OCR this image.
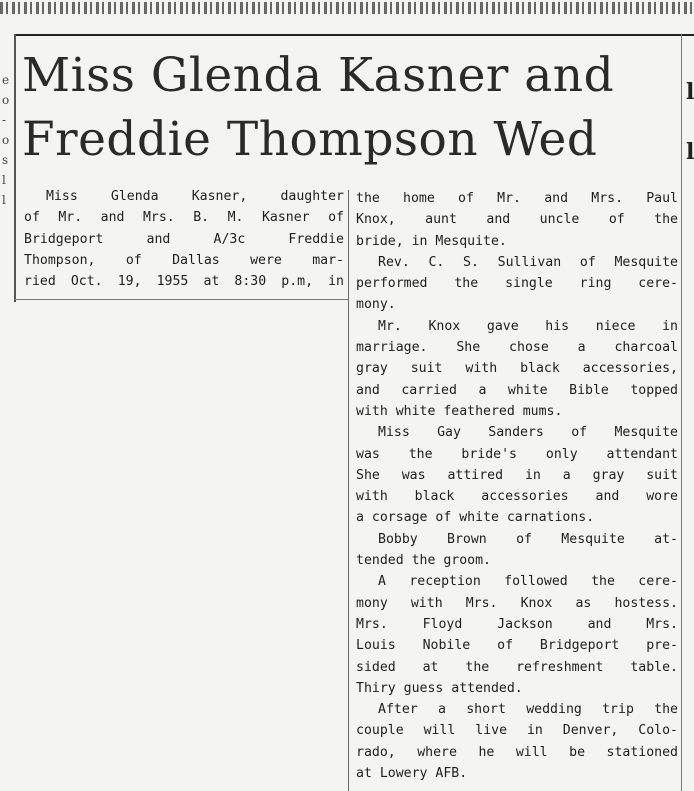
e
o
-
o
s
l
l
l
l
Miss Glenda Kasner and
Freddie Thompson Wed
Miss Glenda Kasner, daughter
of Mr. and Mrs. B. M. Kasner of
Bridgeport and A/3c Freddie
Thompson, of Dallas were mar-
ried Oct. 19, 1955 at 8:30 p.m, in
the home of Mr. and Mrs. Paul
Knox, aunt and uncle of the
bride, in Mesquite.
Rev. C. S. Sullivan of Mesquite
performed the single ring cere-
mony.
Mr. Knox gave his niece in
marriage. She chose a charcoal
gray suit with black accessories,
and carried a white Bible topped
with white feathered mums.
Miss Gay Sanders of Mesquite
was the bride's only attendant
She was attired in a gray suit
with black accessories and wore
a corsage of white carnations.
Bobby Brown of Mesquite at-
tended the groom.
A reception followed the cere-
mony with Mrs. Knox as hostess.
Mrs. Floyd Jackson and Mrs.
Louis Nobile of Bridgeport pre-
sided at the refreshment table.
Thiry guess attended.
After a short wedding trip the
couple will live in Denver, Colo-
rado, where he will be stationed
at Lowery AFB.
